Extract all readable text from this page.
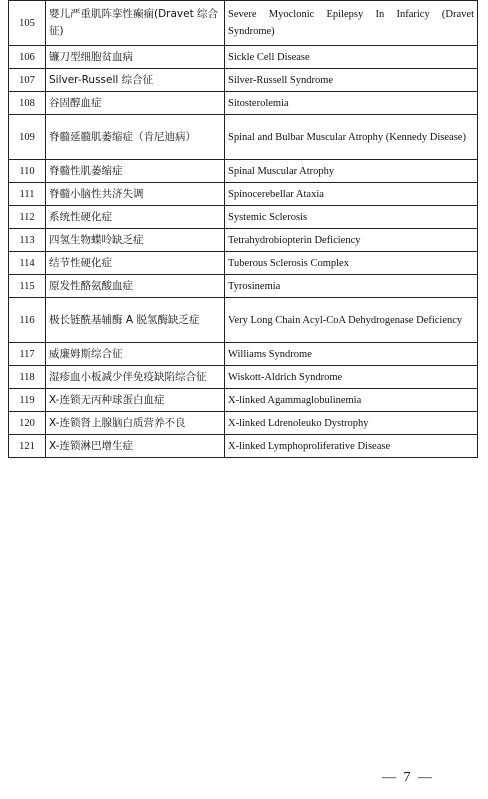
105	婴儿严重肌阵挛性癫痫(Dravet 综合征)	Severe Myoclonic Epilepsy In Infaricy (Dravet Syndrome)
106	镰刀型细胞贫血病	Sickle Cell Disease
107	Silver-Russell 综合征	Silver-Russell Syndrome
108	谷固醇血症	Sitosterolemia
109	脊髓延髓肌萎缩症（肯尼迪病）	Spinal and Bulbar Muscular Atrophy (Kennedy Disease)
110	脊髓性肌萎缩症	Spinal Muscular Atrophy
111	脊髓小脑性共济失调	Spinocerebellar Ataxia
112	系统性硬化症	Systemic Sclerosis
113	四氢生物蝶呤缺乏症	Tetrahydrobiopterin Deficiency
114	结节性硬化症	Tuberous Sclerosis Complex
115	原发性酪氨酸血症	Tyrosinemia
116	极长链酰基辅酶 A 脱氢酶缺乏症	Very Long Chain Acyl-CoA Dehydrogenase Deficiency
117	威廉姆斯综合征	Williams Syndrome
118	湿疹血小板减少伴免疫缺陷综合征	Wiskott-Aldrich Syndrome
119	X-连锁无丙种球蛋白血症	X-linked Agammaglobulinemia
120	X-连锁肾上腺脑白质营养不良	X-linked Ldrenoleuko Dystrophy
121	X-连锁淋巴增生症	X-linked Lymphoproliferative Disease
— 7 —
